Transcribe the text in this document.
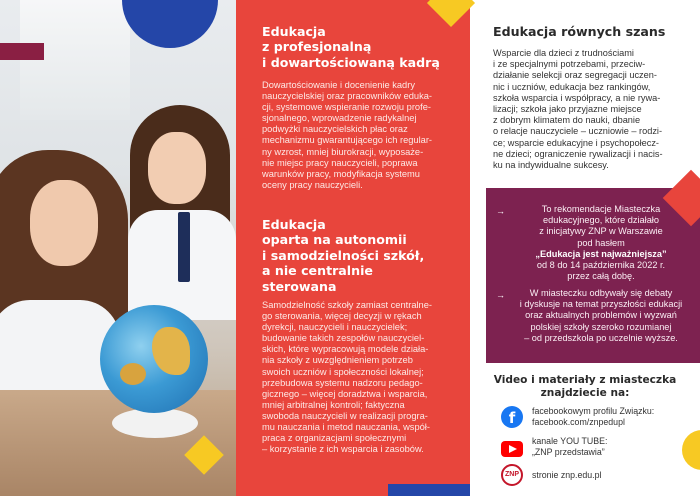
Edukacja
z profesjonalną
i dowartościowaną kadrą

Dowartościowanie i docenienie kadry
nauczycielskiej oraz pracowników eduka-
cji, systemowe wspieranie rozwoju profe-
sjonalnego, wprowadzenie radykalnej
podwyżki nauczycielskich płac oraz
mechanizmu gwarantującego ich regular-
ny wzrost, mniej biurokracji, wyposaże-
nie miejsc pracy nauczycieli, poprawa
warunków pracy, modyfikacja systemu
oceny pracy nauczycieli.

Edukacja
oparta na autonomii
i samodzielności szkół,
a nie centralnie
sterowana

Samodzielność szkoły zamiast centralne-
go sterowania, więcej decyzji w rękach
dyrekcji, nauczycieli i nauczycielek;
budowanie takich zespołów nauczyciel-
skich, które wypracowują modele działa-
nia szkoły z uwzględnieniem potrzeb
swoich uczniów i społeczności lokalnej;
przebudowa systemu nadzoru pedago-
gicznego – więcej doradztwa i wsparcia,
mniej arbitralnej kontroli; faktyczna
swoboda nauczycieli w realizacji progra-
mu nauczania i metod nauczania, współ-
praca z organizacjami społecznymi
– korzystanie z ich wsparcia i zasobów.

Edukacja równych szans

Wsparcie dla dzieci z trudnościami
i ze specjalnymi potrzebami, przeciw-
działanie selekcji oraz segregacji uczen-
nic i uczniów, edukacja bez rankingów,
szkoła wsparcia i współpracy, a nie rywa-
lizacji; szkoła jako przyjazne miejsce
z dobrym klimatem do nauki, dbanie
o relacje nauczyciele – uczniowie – rodzi-
ce; wsparcie edukacyjne i psychopołecz-
ne dzieci; ograniczenie rywalizacji i nacis-
ku na indywidualne sukcesy.

→	To rekomendacje Miasteczka
edukacyjnego, które działało
z inicjatywy ZNP w Warszawie
pod hasłem
„Edukacja jest najważniejsza”
od 8 do 14 października 2022 r.
przez całą dobę.

→	W miasteczku odbywały się debaty
i dyskusje na temat przyszłości edukacji
oraz aktualnych problemów i wyzwań
polskiej szkoły szeroko rozumianej
– od przedszkola po uczelnie wyższe.

Video i materiały z miasteczka
znajdziecie na:
f	facebookowym profilu Związku:
facebook.com/znpedupl
kanale YOU TUBE:
„ZNP przedstawia”
ZNP	stronie znp.edu.pl
